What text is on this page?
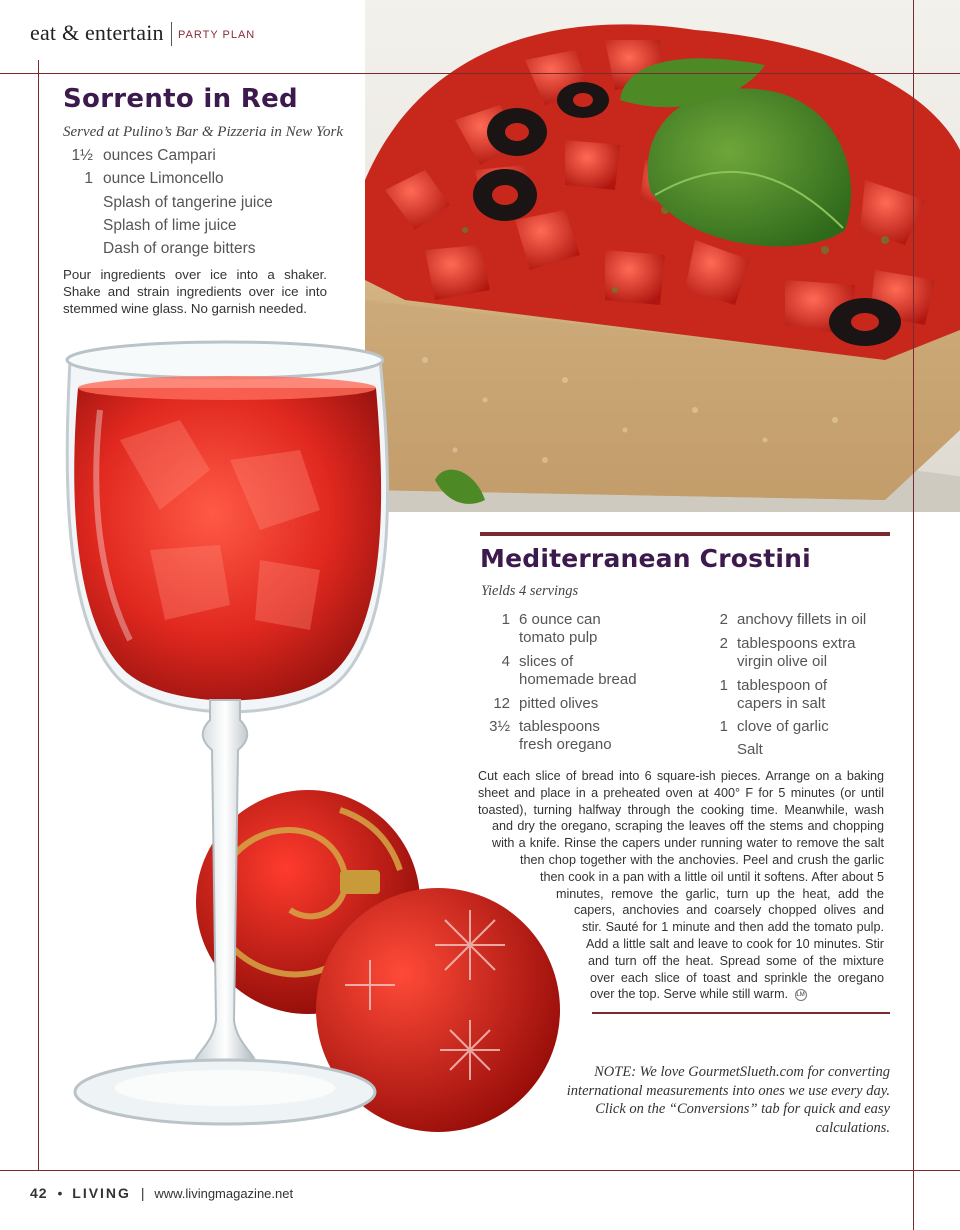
eat & entertain PARTY PLAN
Sorrento in Red
Served at Pulino’s Bar & Pizzeria in New York
1½ ounces Campari
1 ounce Limoncello
Splash of tangerine juice
Splash of lime juice
Dash of orange bitters
Pour ingredients over ice into a shaker. Shake and strain ingredients over ice into stemmed wine glass. No garnish needed.
Mediterranean Crostini
Yields 4 servings
1 6 ounce can
tomato pulp
4 slices of
homemade bread
12 pitted olives
3½ tablespoons
fresh oregano
2 anchovy fillets in oil
2 tablespoons extra
virgin olive oil
1 tablespoon of
capers in salt
1 clove of garlic
Salt
Cut each slice of bread into 6 square-ish pieces. Arrange on a baking sheet and place in a preheated oven at 400° F for 5 minutes (or until toasted), turning halfway through the cooking time. Meanwhile, wash and dry the oregano, scraping the leaves off the stems and chopping with a knife. Rinse the capers under running water to remove the salt then chop together with the anchovies. Peel and crush the garlic then cook in a pan with a little oil until it softens. After about 5 minutes, remove the garlic, turn up the heat, add the capers, anchovies and coarsely chopped olives and stir. Sauté for 1 minute and then add the tomato pulp. Add a little salt and leave to cook for 10 minutes. Stir and turn off the heat. Spread some of the mixture over each slice of toast and sprinkle the oregano over the top. Serve while still warm. LM
NOTE: We love GourmetSlueth.com for converting international measurements into ones we use every day. Click on the “Conversions” tab for quick and easy calculations.
42 • LIVING | www.livingmagazine.net
